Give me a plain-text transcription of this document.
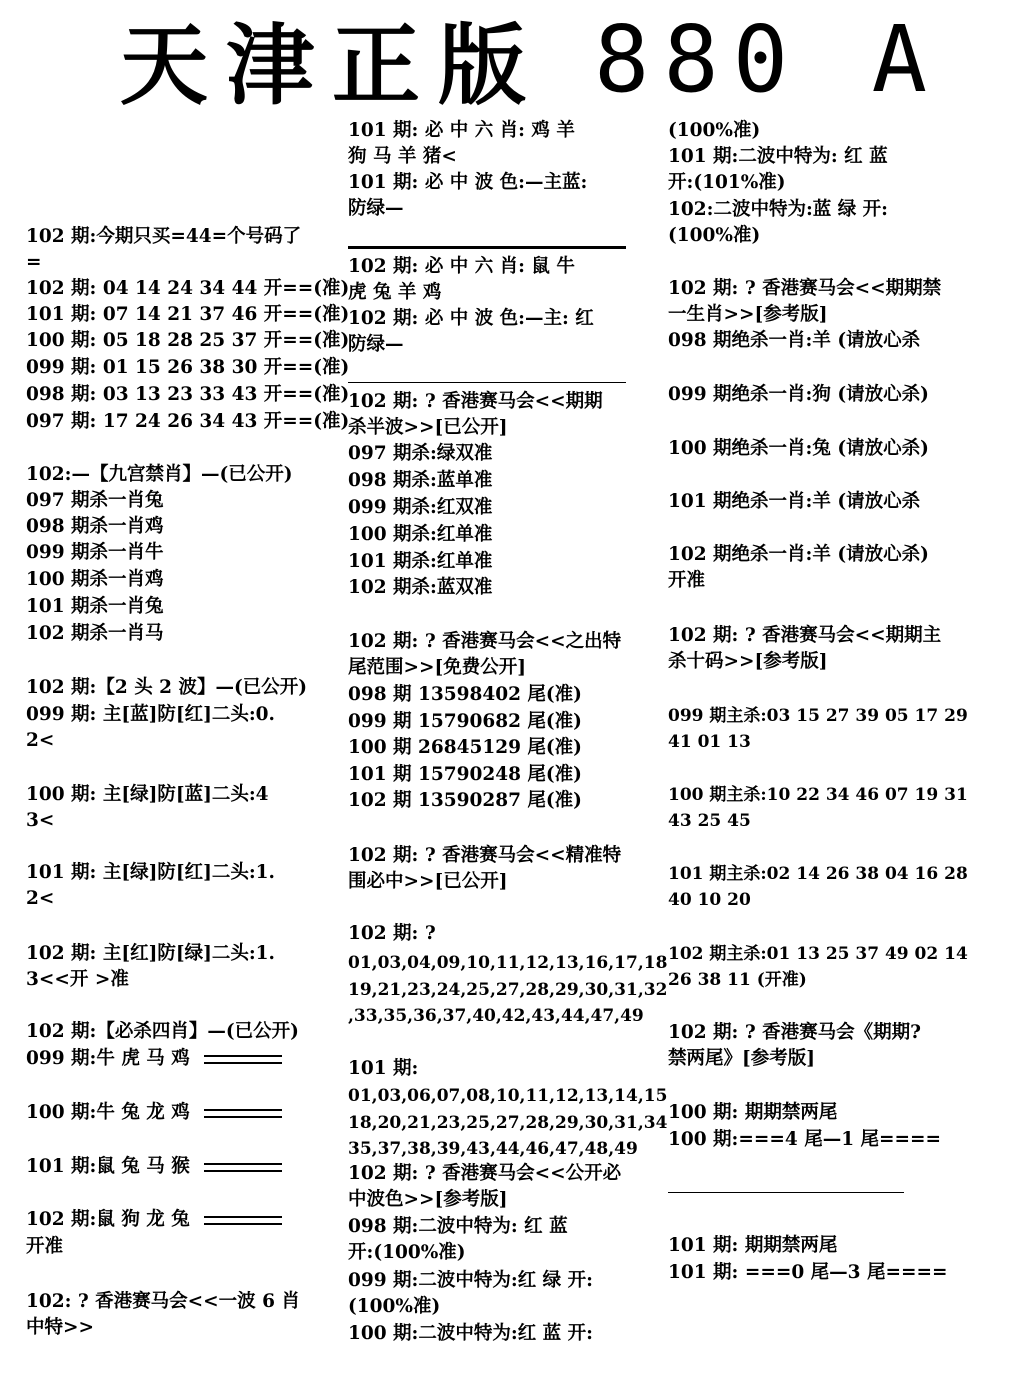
天津正版 880 A
102 期:今期只买=44=个号码了
=
102 期: 04 14 24 34 44 开==(准)
101 期: 07 14 21 37 46 开==(准)
100 期: 05 18 28 25 37 开==(准)
099 期: 01 15 26 38 30 开==(准)
098 期: 03 13 23 33 43 开==(准)
097 期: 17 24 26 34 43 开==(准)
102:—【九宫禁肖】—(已公开)
097 期杀一肖兔
098 期杀一肖鸡
099 期杀一肖牛
100 期杀一肖鸡
101 期杀一肖兔
102 期杀一肖马
102 期:【2 头 2 波】—(已公开)
099 期: 主[蓝]防[红]二头:0.
2<
100 期: 主[绿]防[蓝]二头:4
3<
101 期: 主[绿]防[红]二头:1.
2<
102 期: 主[红]防[绿]二头:1.
3<<开 >准
102 期:【必杀四肖】—(已公开)
099 期:牛 虎 马 鸡
100 期:牛 兔 龙 鸡
101 期:鼠 兔 马 猴
102 期:鼠 狗 龙 兔
开准
102: ? 香港赛马会<<一波 6 肖
中特>>
101 期: 必 中 六 肖: 鸡 羊
狗 马 羊 猪<
101 期: 必 中 波 色:—主蓝:
防绿—
102 期: 必 中 六 肖: 鼠 牛
虎 兔 羊 鸡
102 期: 必 中 波 色:—主: 红
防绿—
102 期: ? 香港赛马会<<期期
杀半波>>[已公开]
097 期杀:绿双准
098 期杀:蓝单准
099 期杀:红双准
100 期杀:红单准
101 期杀:红单准
102 期杀:蓝双准
102 期: ? 香港赛马会<<之出特
尾范围>>[免费公开]
098 期 13598402 尾(准)
099 期 15790682 尾(准)
100 期 26845129 尾(准)
101 期 15790248 尾(准)
102 期 13590287 尾(准)
102 期: ? 香港赛马会<<精准特
围必中>>[已公开]
102 期: ?
01,03,04,09,10,11,12,13,16,17,18
19,21,23,24,25,27,28,29,30,31,32
,33,35,36,37,40,42,43,44,47,49
101 期:
01,03,06,07,08,10,11,12,13,14,15
18,20,21,23,25,27,28,29,30,31,34
35,37,38,39,43,44,46,47,48,49
102 期: ? 香港赛马会<<公开必
中波色>>[参考版]
098 期:二波中特为: 红 蓝
开:(100%准)
099 期:二波中特为:红 绿 开:
(100%准)
100 期:二波中特为:红 蓝 开:
(100%准)
101 期:二波中特为: 红 蓝
开:(101%准)
102:二波中特为:蓝 绿 开:
(100%准)
102 期: ? 香港赛马会<<期期禁
一生肖>>[参考版]
098 期绝杀一肖:羊 (请放心杀
099 期绝杀一肖:狗 (请放心杀)
100 期绝杀一肖:兔 (请放心杀)
101 期绝杀一肖:羊 (请放心杀
102 期绝杀一肖:羊 (请放心杀)
开准
102 期: ? 香港赛马会<<期期主
杀十码>>[参考版]
099 期主杀:03 15 27 39 05 17 29
41 01 13
100 期主杀:10 22 34 46 07 19 31
43 25 45
101 期主杀:02 14 26 38 04 16 28
40 10 20
102 期主杀:01 13 25 37 49 02 14
26 38 11 (开准)
102 期: ? 香港赛马会《期期?
禁两尾》[参考版]
100 期: 期期禁两尾
100 期:===4 尾—1 尾====
101 期: 期期禁两尾
101 期: ===0 尾—3 尾====
